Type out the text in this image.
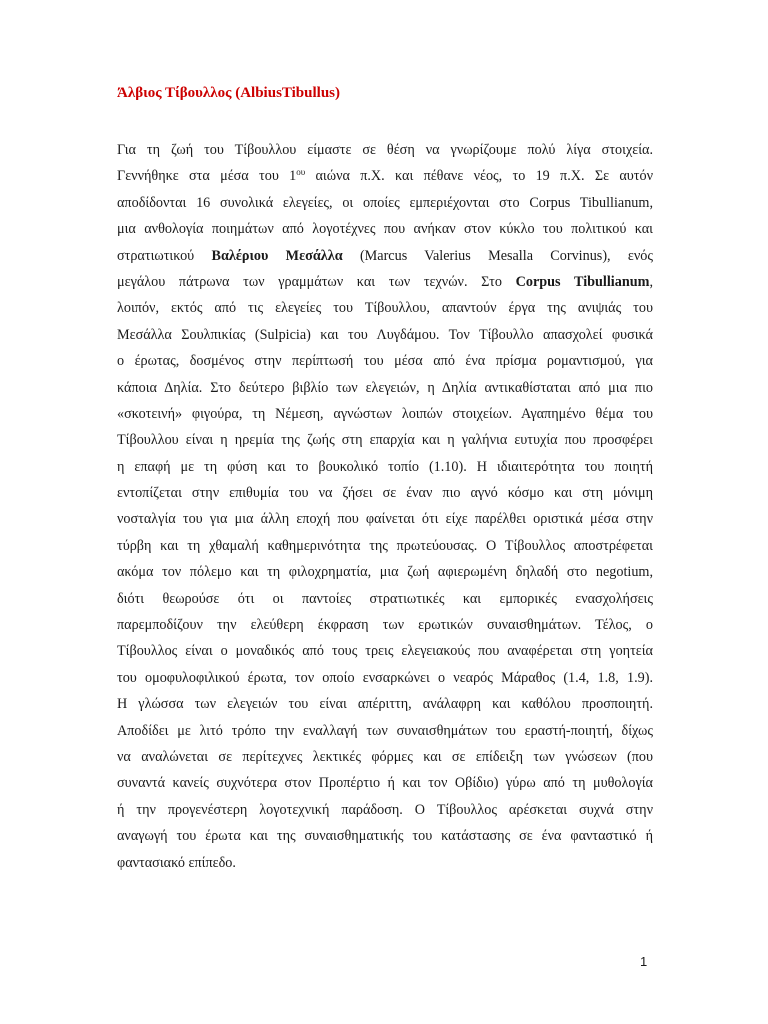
Άλβιος Τίβουλλος (AlbiusTibullus)
Για τη ζωή του Τίβουλλου είμαστε σε θέση να γνωρίζουμε πολύ λίγα στοιχεία.
Γεννήθηκε στα μέσα του $1^{o\upsilon}$ αιώνα π.Χ. και πέθανε νέος, το 19 π.Χ. Σε αυτόν
αποδίδονται 16 συνολικά ελεγείες, οι οποίες εμπεριέχονται στο Corpus Tibullianum,
μια ανθολογία ποιημάτων από λογοτέχνες που ανήκαν στον κύκλο του πολιτικού και
στρατιωτικού Βαλέριου Μεσάλλα (Marcus Valerius Mesalla Corvinus), ενός
μεγάλου πάτρωνα των γραμμάτων και των τεχνών. Στο Corpus Tibullianum,
λοιπόν, εκτός από τις ελεγείες του Τίβουλλου, απαντούν έργα της ανιψιάς του
Μεσάλλα Σουλπικίας (Sulpicia) και του Λυγδάμου. Τον Τίβουλλο απασχολεί φυσικά
ο έρωτας, δοσμένος στην περίπτωσή του μέσα από ένα πρίσμα ρομαντισμού, για
κάποια Δηλία. Στο δεύτερο βιβλίο των ελεγειών, η Δηλία αντικαθίσταται από μια πιο
«σκοτεινή» φιγούρα, τη Νέμεση, αγνώστων λοιπών στοιχείων. Αγαπημένο θέμα του
Τίβουλλου είναι η ηρεμία της ζωής στη επαρχία και η γαλήνια ευτυχία που προσφέρει
η επαφή με τη φύση και το βουκολικό τοπίο (1.10). Η ιδιαιτερότητα του ποιητή
εντοπίζεται στην επιθυμία του να ζήσει σε έναν πιο αγνό κόσμο και στη μόνιμη
νοσταλγία του για μια άλλη εποχή που φαίνεται ότι είχε παρέλθει οριστικά μέσα στην
τύρβη και τη χθαμαλή καθημερινότητα της πρωτεύουσας. Ο Τίβουλλος αποστρέφεται
ακόμα τον πόλεμο και τη φιλοχρηματία, μια ζωή αφιερωμένη δηλαδή στο negotium,
διότι θεωρούσε ότι οι παντοίες στρατιωτικές και εμπορικές ενασχολήσεις
παρεμποδίζουν την ελεύθερη έκφραση των ερωτικών συναισθημάτων. Τέλος, ο
Τίβουλλος είναι ο μοναδικός από τους τρεις ελεγειακούς που αναφέρεται στη γοητεία
του ομοφυλοφιλικού έρωτα, τον οποίο ενσαρκώνει ο νεαρός Μάραθος (1.4, 1.8, 1.9).
Η γλώσσα των ελεγειών του είναι απέριττη, ανάλαφρη και καθόλου προσποιητή.
Αποδίδει με λιτό τρόπο την εναλλαγή των συναισθημάτων του εραστή-ποιητή, δίχως
να αναλώνεται σε περίτεχνες λεκτικές φόρμες και σε επίδειξη των γνώσεων (που
συναντά κανείς συχνότερα στον Προπέρτιο ή και τον Οβίδιο) γύρω από τη μυθολογία
ή την προγενέστερη λογοτεχνική παράδοση. Ο Τίβουλλος αρέσκεται συχνά στην
αναγωγή του έρωτα και της συναισθηματικής του κατάστασης σε ένα φανταστικό ή
φαντασιακό επίπεδο.
1
